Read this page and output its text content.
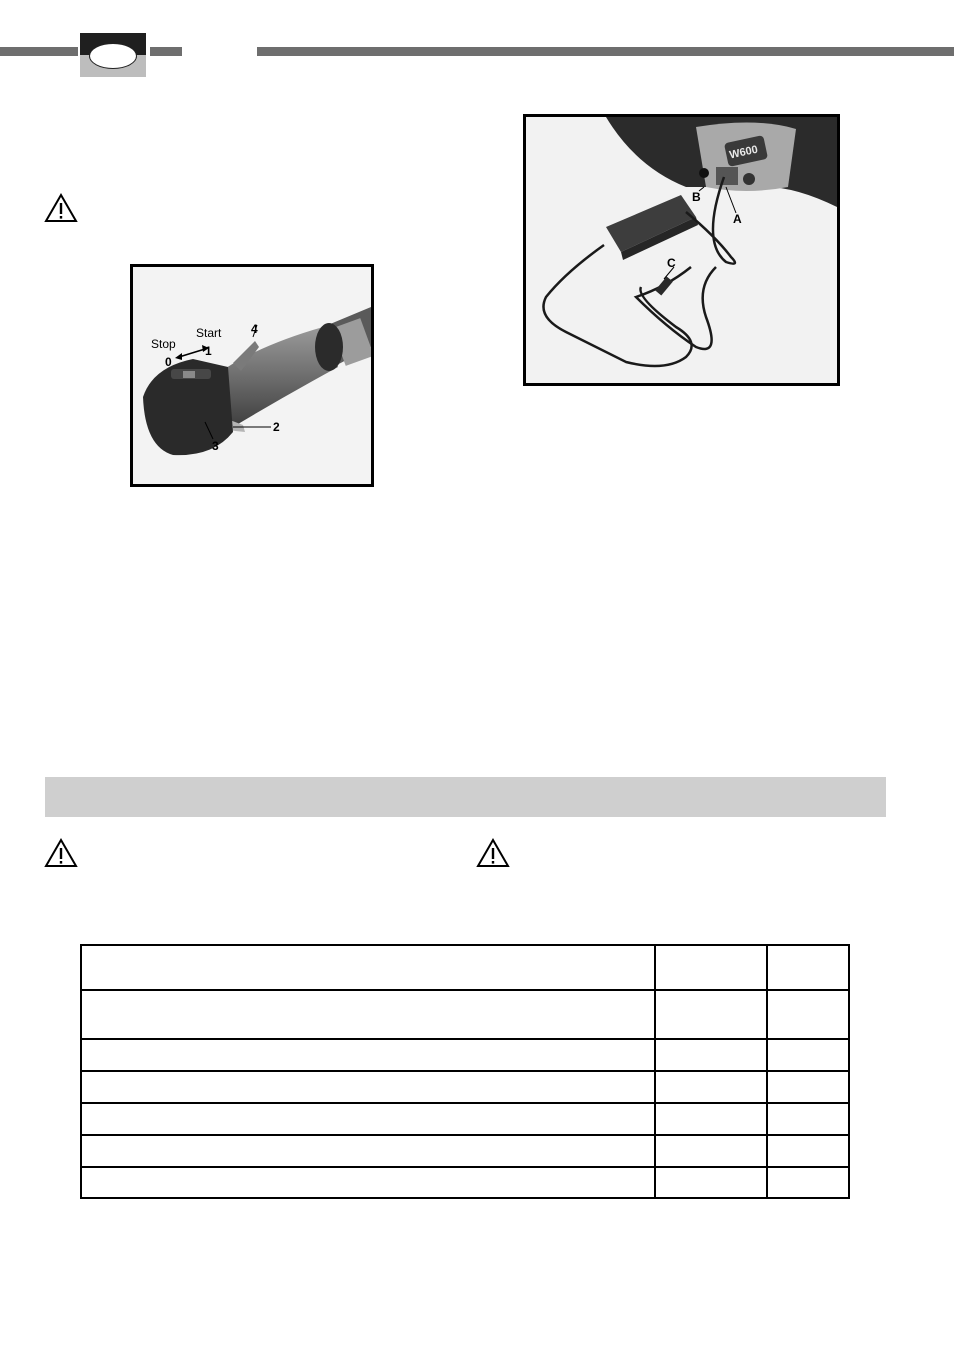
Stop
Start
0
1
4
2
3
W600
B
A
C
